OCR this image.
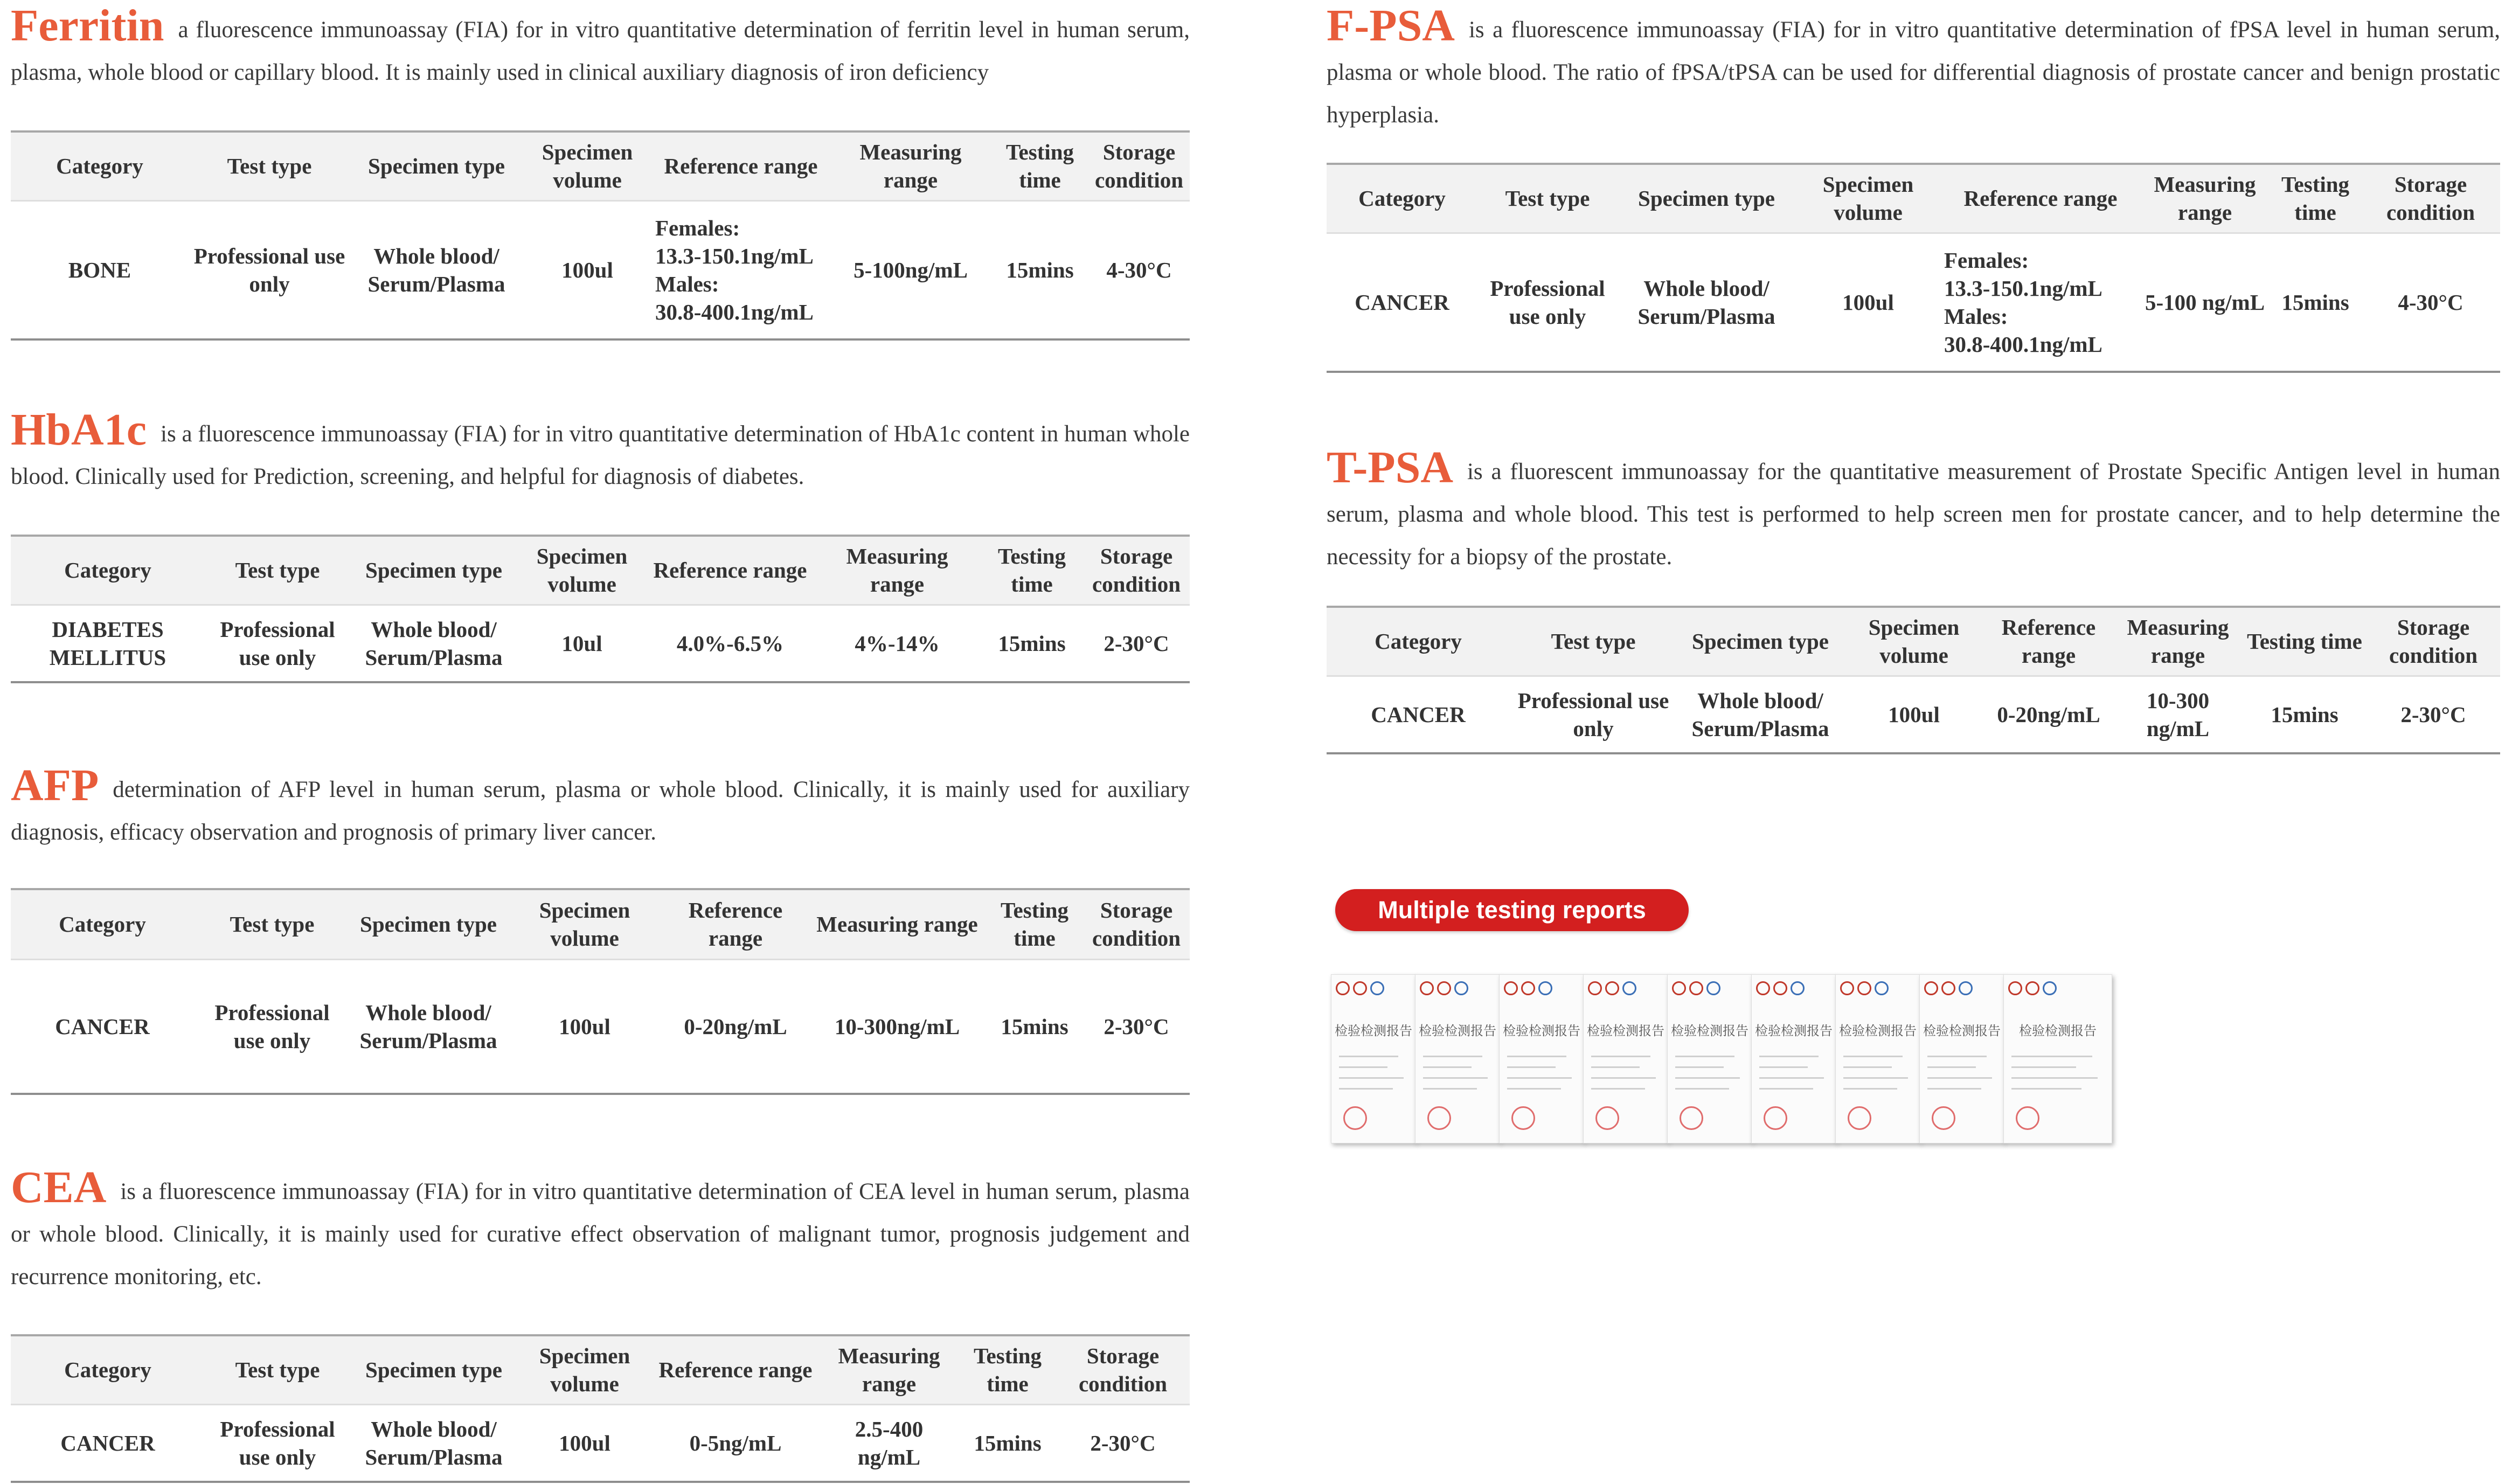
Ferritin a fluorescence immunoassay (FIA) for in vitro quantitative determination of ferritin level in human serum, plasma, whole blood or capillary blood. It is mainly used in clinical auxiliary diagnosis of iron deficiency
Category	Test type	Specimen type	Specimen volume	Reference range	Measuring range	Testing time	Storage condition
BONE	Professional use only	Whole blood/ Serum/Plasma	100ul	Females:
13.3-150.1ng/mL
Males:
30.8-400.1ng/mL	5-100ng/mL	15mins	4-30°C
HbA1c is a fluorescence immunoassay (FIA) for in vitro quantitative determination of HbA1c content in human whole blood. Clinically used for Prediction, screening, and helpful for diagnosis of diabetes.
Category	Test type	Specimen type	Specimen volume	Reference range	Measuring range	Testing time	Storage condition
DIABETES MELLITUS	Professional use only	Whole blood/ Serum/Plasma	10ul	4.0%-6.5%	4%-14%	15mins	2-30°C
AFP determination of AFP level in human serum, plasma or whole blood. Clinically, it is mainly used for auxiliary diagnosis, efficacy observation and prognosis of primary liver cancer.
Category	Test type	Specimen type	Specimen volume	Reference range	Measuring range	Testing time	Storage condition
CANCER	Professional use only	Whole blood/ Serum/Plasma	100ul	0-20ng/mL	10-300ng/mL	15mins	2-30°C
CEA is a fluorescence immunoassay (FIA) for in vitro quantitative determination of CEA level in human serum, plasma or whole blood. Clinically, it is mainly used for curative effect observation of malignant tumor, prognosis judgement and recurrence monitoring, etc.
Category	Test type	Specimen type	Specimen volume	Reference range	Measuring range	Testing time	Storage condition
CANCER	Professional use only	Whole blood/ Serum/Plasma	100ul	0-5ng/mL	2.5-400 ng/mL	15mins	2-30°C
F-PSA is a fluorescence immunoassay (FIA) for in vitro quantitative determination of fPSA level in human serum, plasma or whole blood. The ratio of fPSA/tPSA can be used for differential diagnosis of prostate cancer and benign prostatic hyperplasia.
Category	Test type	Specimen type	Specimen volume	Reference range	Measuring range	Testing time	Storage condition
CANCER	Professional use only	Whole blood/ Serum/Plasma	100ul	Females:
13.3-150.1ng/mL
Males:
30.8-400.1ng/mL	5-100 ng/mL	15mins	4-30°C
T-PSA is a fluorescent immunoassay for the quantitative measurement of Prostate Specific Antigen level in human serum, plasma and whole blood. This test is performed to help screen men for prostate cancer, and to help determine the necessity for a biopsy of the prostate.
Category	Test type	Specimen type	Specimen volume	Reference range	Measuring range	Testing time	Storage condition
CANCER	Professional use only	Whole blood/ Serum/Plasma	100ul	0-20ng/mL	10-300 ng/mL	15mins	2-30°C
Multiple testing reports
检验检测报告 检验检测报告 检验检测报告 检验检测报告 检验检测报告 检验检测报告 检验检测报告 检验检测报告	检验检测报告
